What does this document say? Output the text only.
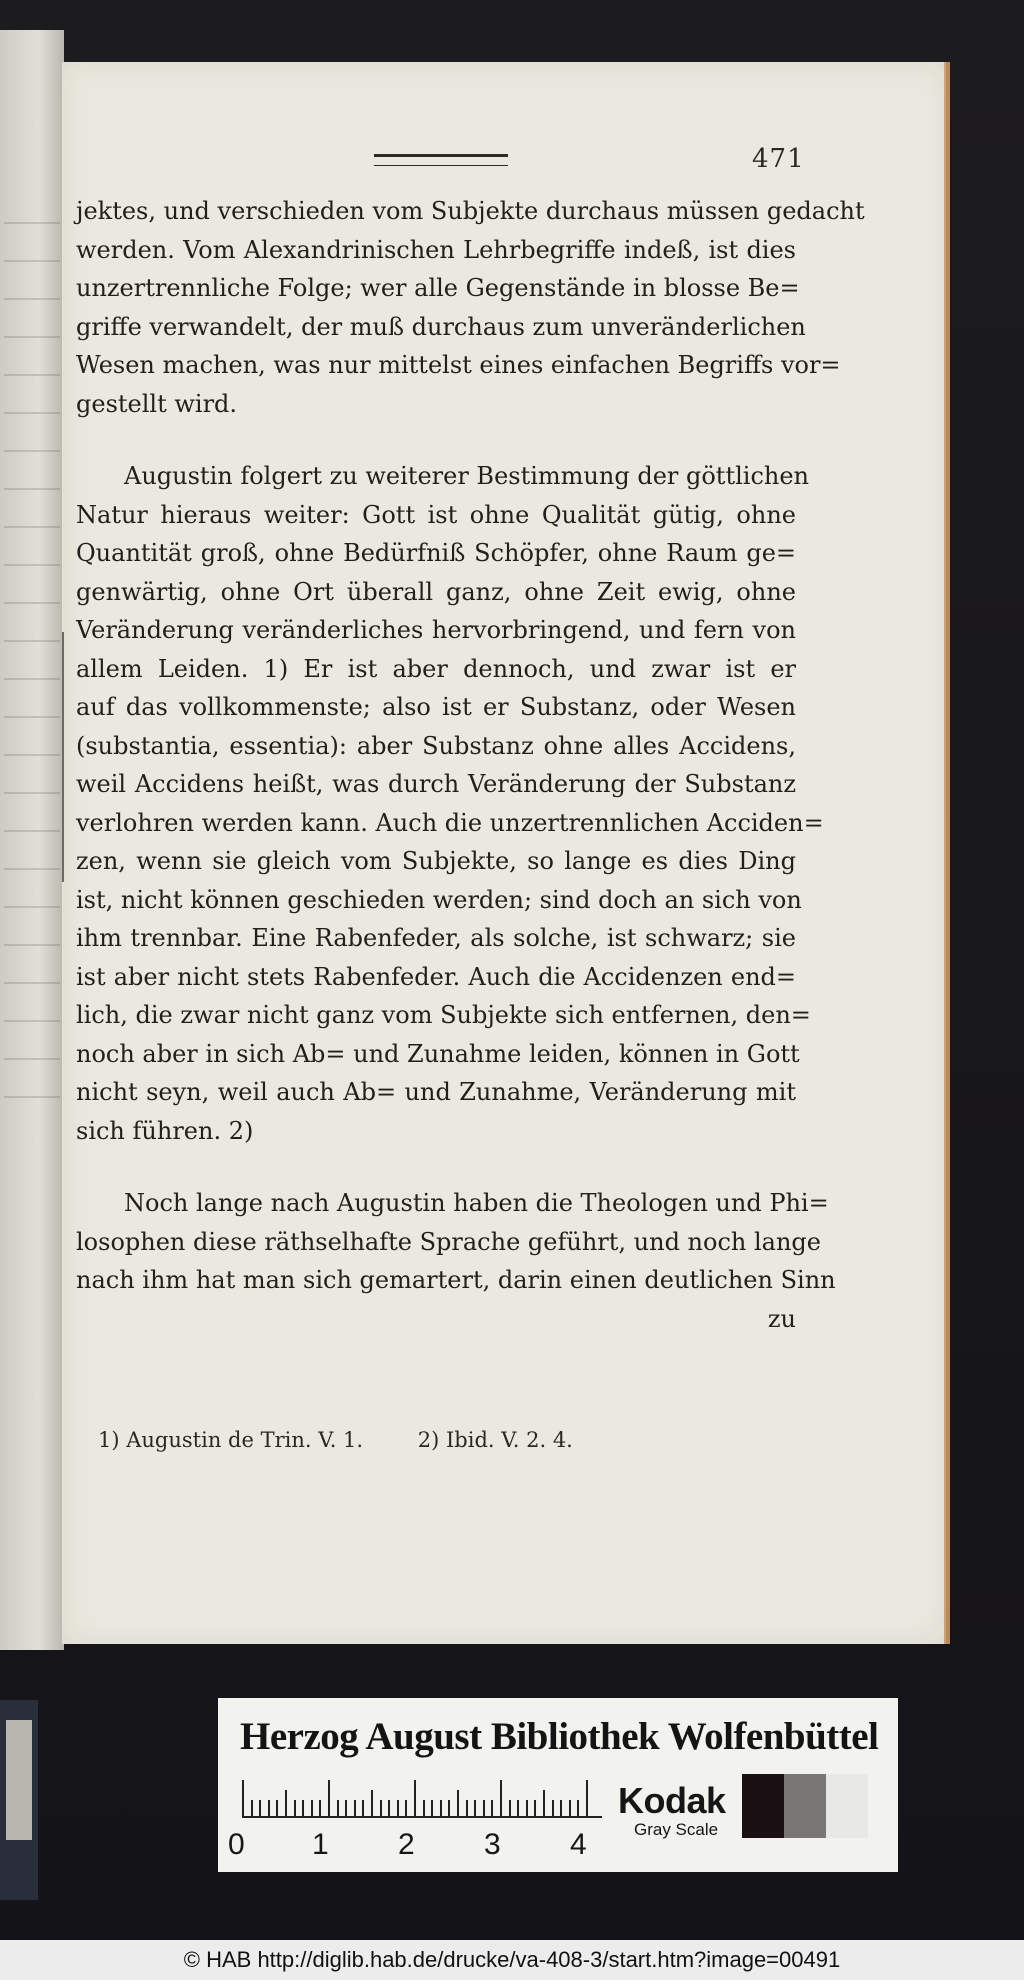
471
jektes, und verschieden vom Subjekte durchaus müssen gedacht
werden. Vom Alexandrinischen Lehrbegriffe indeß, ist dies
unzertrennliche Folge; wer alle Gegenstände in blosse Be=
griffe verwandelt, der muß durchaus zum unveränderlichen
Wesen machen, was nur mittelst eines einfachen Begriffs vor=
gestellt wird.
Augustin folgert zu weiterer Bestimmung der göttlichen
Natur hieraus weiter: Gott ist ohne Qualität gütig, ohne
Quantität groß, ohne Bedürfniß Schöpfer, ohne Raum ge=
genwärtig, ohne Ort überall ganz, ohne Zeit ewig, ohne
Veränderung veränderliches hervorbringend, und fern von
allem Leiden. 1) Er ist aber dennoch, und zwar ist er
auf das vollkommenste; also ist er Substanz, oder Wesen
(substantia, essentia): aber Substanz ohne alles Accidens,
weil Accidens heißt, was durch Veränderung der Substanz
verlohren werden kann. Auch die unzertrennlichen Acciden=
zen, wenn sie gleich vom Subjekte, so lange es dies Ding
ist, nicht können geschieden werden; sind doch an sich von
ihm trennbar. Eine Rabenfeder, als solche, ist schwarz; sie
ist aber nicht stets Rabenfeder. Auch die Accidenzen end=
lich, die zwar nicht ganz vom Subjekte sich entfernen, den=
noch aber in sich Ab= und Zunahme leiden, können in Gott
nicht seyn, weil auch Ab= und Zunahme, Veränderung mit
sich führen. 2)
Noch lange nach Augustin haben die Theologen und Phi=
losophen diese räthselhafte Sprache geführt, und noch lange
nach ihm hat man sich gemartert, darin einen deutlichen Sinn
zu
1) Augustin de Trin. V. 1.	2) Ibid. V. 2. 4.
Herzog August Bibliothek Wolfenbüttel
0 1 2 3 4
Kodak
Gray Scale
© HAB http://diglib.hab.de/drucke/va-408-3/start.htm?image=00491
